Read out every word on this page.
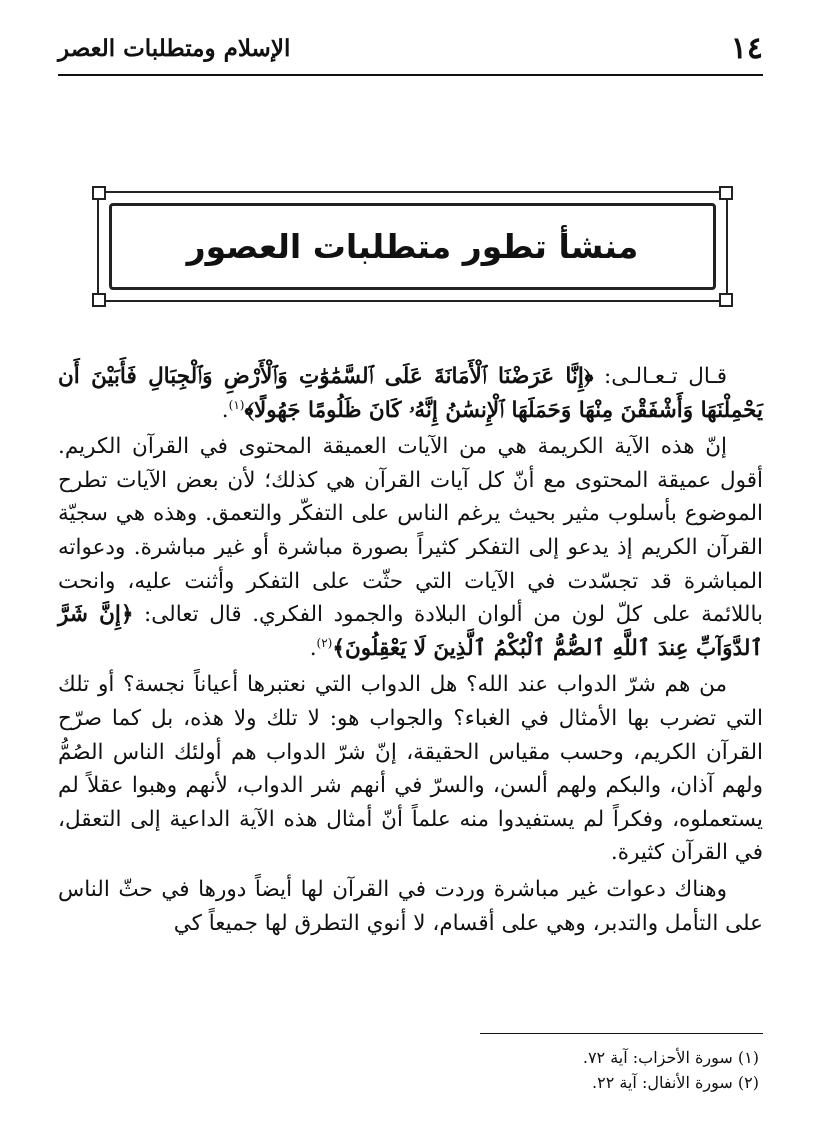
١٤
الإسلام ومتطلبات العصر
منشأ تطور متطلبات العصور

قـال تـعـالـى: ﴿إِنَّا عَرَضْنَا ٱلْأَمَانَةَ عَلَى ٱلسَّمَٰوَٰتِ وَٱلْأَرْضِ وَٱلْجِبَالِ فَأَبَيْنَ أَن يَحْمِلْنَهَا وَأَشْفَقْنَ مِنْهَا وَحَمَلَهَا ٱلْإِنسَٰنُ إِنَّهُۥ كَانَ ظَلُومًا جَهُولًا﴾$^{(١)}$.

إنّ هذه الآية الكريمة هي من الآيات العميقة المحتوى في القرآن الكريم. أقول عميقة المحتوى مع أنّ كل آيات القرآن هي كذلك؛ لأن بعض الآيات تطرح الموضوع بأسلوب مثير بحيث يرغم الناس على التفكّر والتعمق. وهذه هي سجيّة القرآن الكريم إذ يدعو إلى التفكر كثيراً بصورة مباشرة أو غير مباشرة. ودعواته المباشرة قد تجسّدت في الآيات التي حثّت على التفكر وأثنت عليه، وانحت باللائمة على كلّ لون من ألوان البلادة والجمود الفكري. قال تعالى: ﴿إِنَّ شَرَّ ٱلدَّوَآبِّ عِندَ ٱللَّهِ ٱلصُّمُّ ٱلْبُكْمُ ٱلَّذِينَ لَا يَعْقِلُونَ﴾$^{(٢)}$.

من هم شرّ الدواب عند الله؟ هل الدواب التي نعتبرها أعياناً نجسة؟ أو تلك التي تضرب بها الأمثال في الغباء؟ والجواب هو: لا تلك ولا هذه، بل كما صرّح القرآن الكريم، وحسب مقياس الحقيقة، إنّ شرّ الدواب هم أولئك الناس الصُمُّ ولهم آذان، والبكم ولهم ألسن، والسرّ في أنهم شر الدواب، لأنهم وهبوا عقلاً لم يستعملوه، وفكراً لم يستفيدوا منه علماً أنّ أمثال هذه الآية الداعية إلى التعقل، في القرآن كثيرة.

وهناك دعوات غير مباشرة وردت في القرآن لها أيضاً دورها في حثّ الناس على التأمل والتدبر، وهي على أقسام، لا أنوي التطرق لها جميعاً كي

(١) سورة الأحزاب: آية ٧٢.
(٢) سورة الأنفال: آية ٢٢.
